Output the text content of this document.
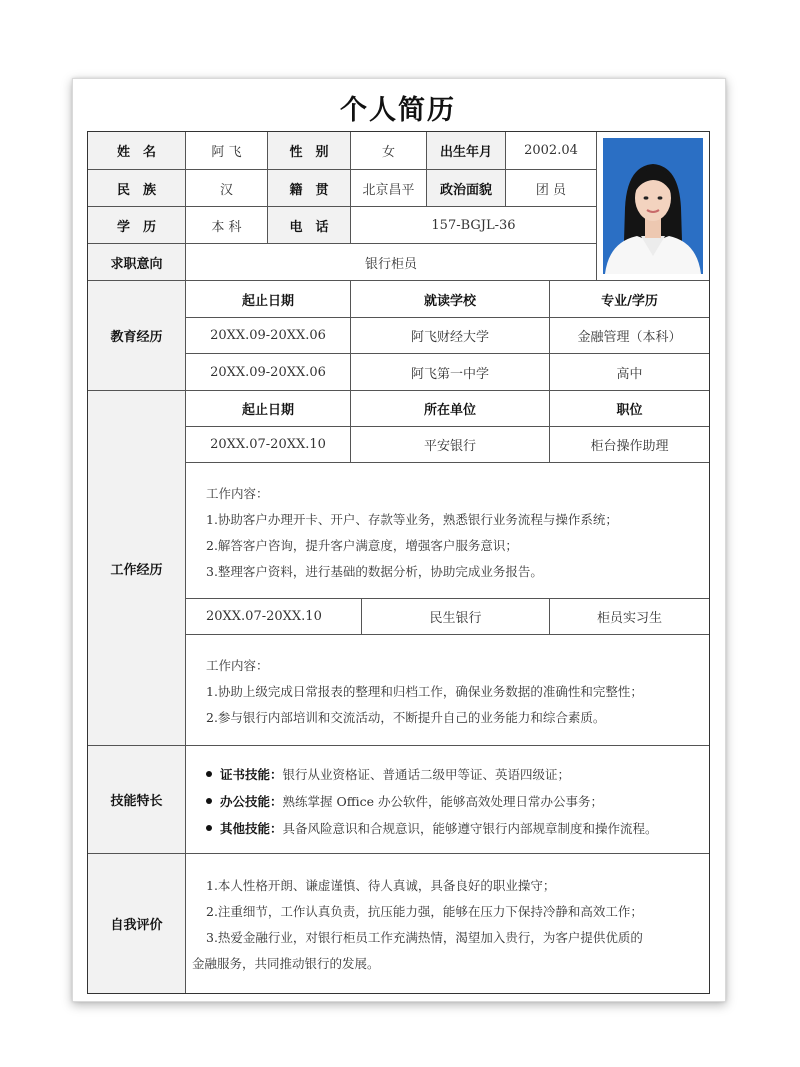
个人简历
姓　名	阿 飞	性　别	女	出生年月	2002.04
民　族	汉	籍　贯	北京昌平	政治面貌	团 员
学　历	本 科	电　话	157-BGJL-36
求职意向	银行柜员
教育经历
起止日期	就读学校	专业/学历
20XX.09-20XX.06	阿飞财经大学	金融管理（本科）
20XX.09-20XX.06	阿飞第一中学	高中
工作经历
起止日期	所在单位	职位
20XX.07-20XX.10	平安银行	柜台操作助理
工作内容：
1.协助客户办理开卡、开户、存款等业务，熟悉银行业务流程与操作系统；
2.解答客户咨询，提升客户满意度，增强客户服务意识；
3.整理客户资料，进行基础的数据分析，协助完成业务报告。
20XX.07-20XX.10	民生银行	柜员实习生
工作内容：
1.协助上级完成日常报表的整理和归档工作，确保业务数据的准确性和完整性；
2.参与银行内部培训和交流活动，不断提升自己的业务能力和综合素质。
技能特长
证书技能： 银行从业资格证、普通话二级甲等证、英语四级证；
办公技能： 熟练掌握 Office 办公软件，能够高效处理日常办公事务；
其他技能： 具备风险意识和合规意识，能够遵守银行内部规章制度和操作流程。
自我评价
1.本人性格开朗、谦虚谨慎、待人真诚，具备良好的职业操守；
2.注重细节，工作认真负责，抗压能力强，能够在压力下保持冷静和高效工作；
3.热爱金融行业，对银行柜员工作充满热情，渴望加入贵行，为客户提供优质的
金融服务，共同推动银行的发展。
